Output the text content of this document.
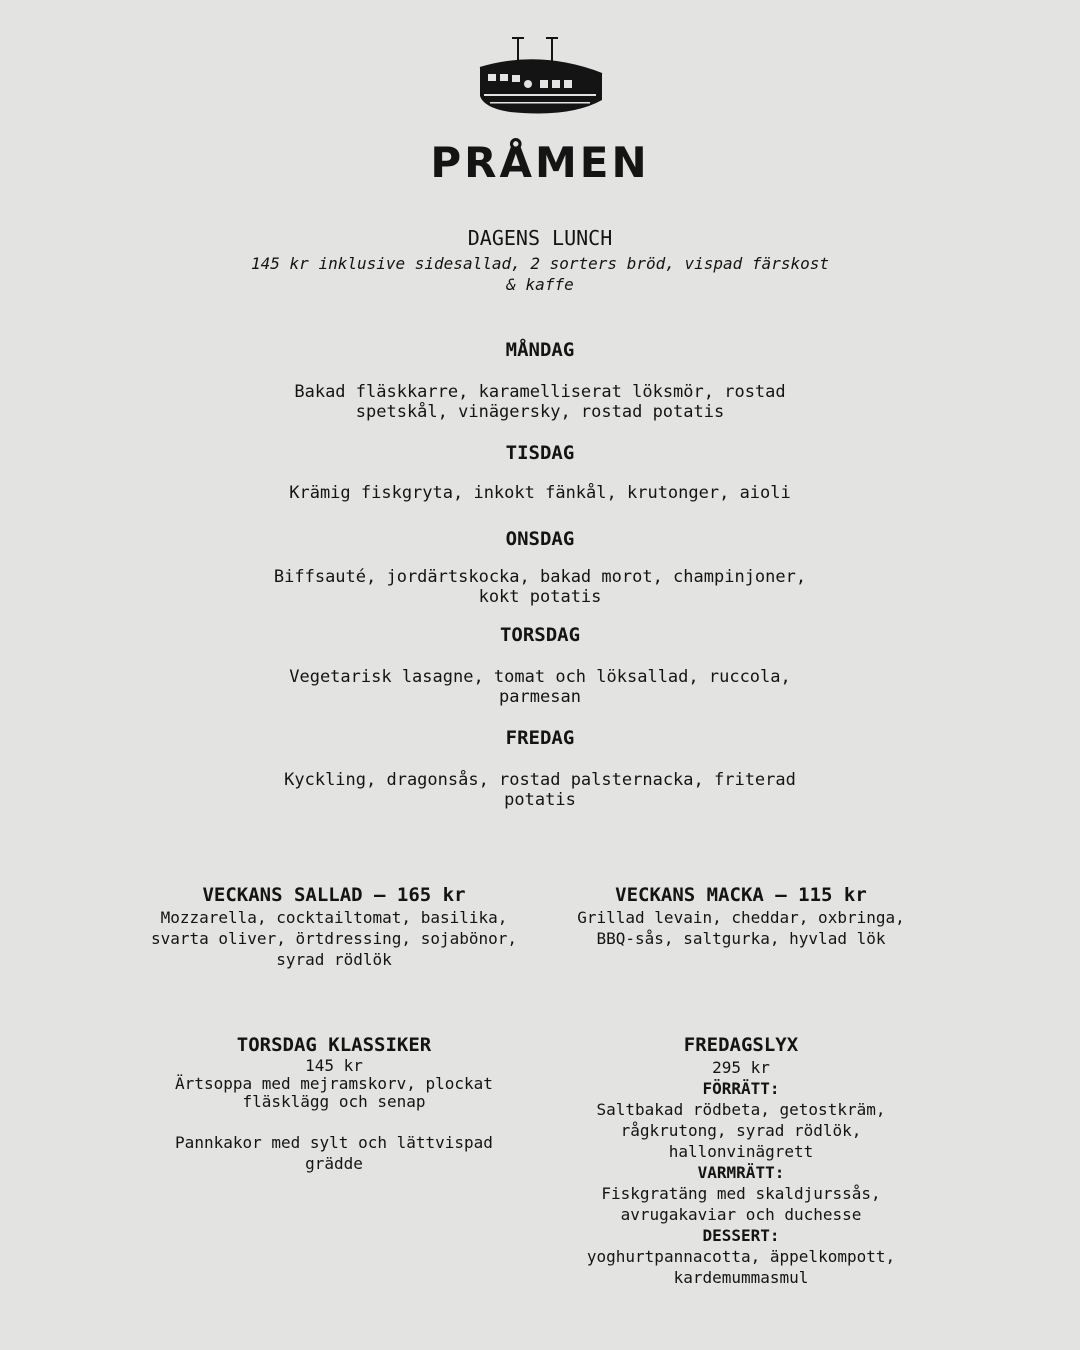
PRÅMEN
DAGENS LUNCH
145 kr inklusive sidesallad, 2 sorters bröd, vispad färskost
& kaffe
MÅNDAG

Bakad fläskkarre, karamelliserat löksmör, rostad

spetskål, vinägersky, rostad potatis

TISDAG

Krämig fiskgryta, inkokt fänkål, krutonger, aioli

ONSDAG

Biffsauté, jordärtskocka, bakad morot, champinjoner,

kokt potatis

TORSDAG

Vegetarisk lasagne, tomat och löksallad, ruccola,

parmesan

FREDAG

Kyckling, dragonsås, rostad palsternacka, friterad

potatis

VECKANS SALLAD – 165 kr
Mozzarella, cocktailtomat, basilika,
svarta oliver, örtdressing, sojabönor,
syrad rödlök
VECKANS MACKA – 115 kr
Grillad levain, cheddar, oxbringa,
BBQ-sås, saltgurka, hyvlad lök
TORSDAG KLASSIKER
145 kr
Ärtsoppa med mejramskorv, plockat
fläsklägg och senap
Pannkakor med sylt och lättvispad
grädde
FREDAGSLYX
295 kr
FÖRRÄTT:
Saltbakad rödbeta, getostkräm,
rågkrutong, syrad rödlök,
hallonvinägrett
VARMRÄTT:
Fiskgratäng med skaldjurssås,
avrugakaviar och duchesse
DESSERT:
yoghurtpannacotta, äppelkompott,
kardemummasmul
